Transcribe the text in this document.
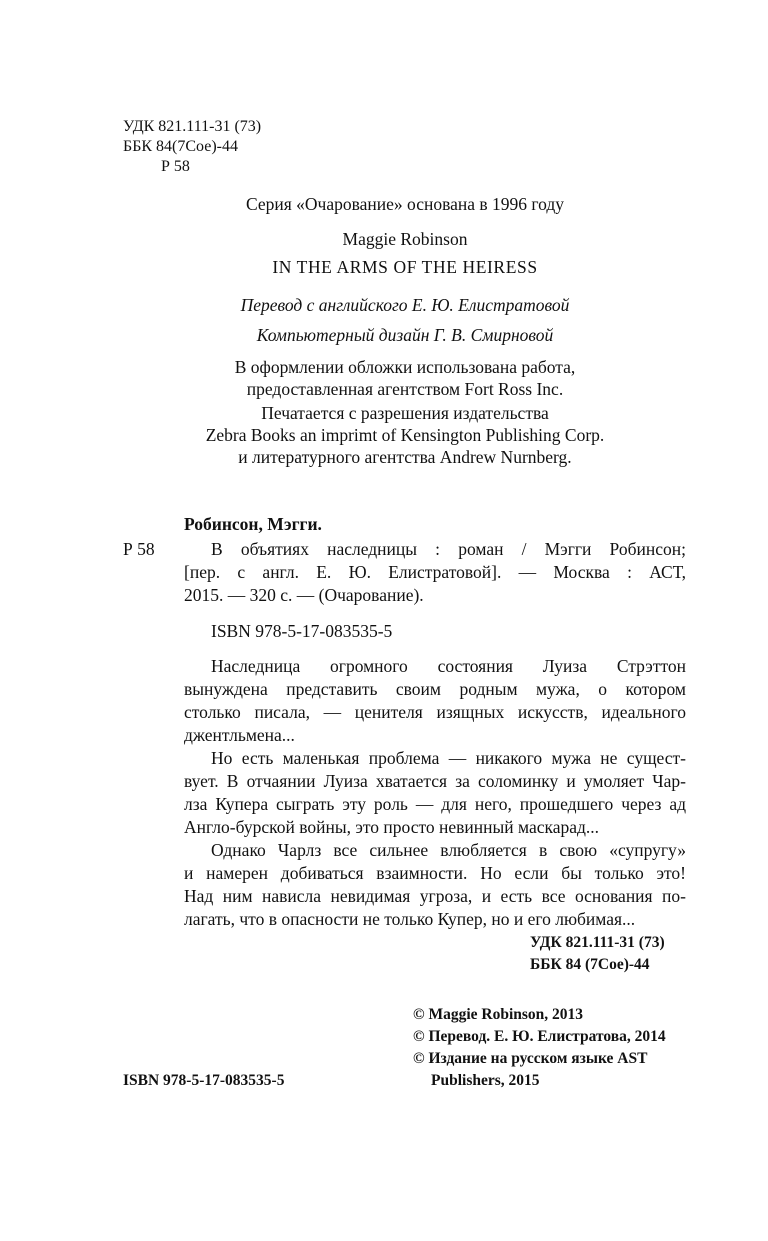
УДК 821.111-31 (73)
ББК 84(7Сое)-44
Р 58
Серия «Очарование» основана в 1996 году
Maggie Robinson
IN THE ARMS OF THE HEIRESS
Перевод с английского Е. Ю. Елистратовой
Компьютерный дизайн Г. В. Смирновой
В оформлении обложки использована работа,
предоставленная агентством Fort Ross Inc.
Печатается с разрешения издательства
Zebra Books an imprimt of Kensington Publishing Corp.
и литературного агентства Andrew Nurnberg.
Робинсон, Мэгги.
Р 58	В объятиях наследницы : роман / Мэгги Робинсон;
[пер. с англ. Е. Ю. Елистратовой]. — Москва : АСТ,
2015. — 320 с. — (Очарование).
ISBN 978-5-17-083535-5
Наследница огромного состояния Луиза Стрэттон
вынуждена представить своим родным мужа, о котором
столько писала, — ценителя изящных искусств, идеального
джентльмена...
Но есть маленькая проблема — никакого мужа не сущест-
вует. В отчаянии Луиза хватается за соломинку и умоляет Чар-
лза Купера сыграть эту роль — для него, прошедшего через ад
Англо-бурской войны, это просто невинный маскарад...
Однако Чарлз все сильнее влюбляется в свою «супругу»
и намерен добиваться взаимности. Но если бы только это!
Над ним нависла невидимая угроза, и есть все основания по-
лагать, что в опасности не только Купер, но и его любимая...
УДК 821.111-31 (73)
ББК 84 (7Сое)-44
© Maggie Robinson, 2013
© Перевод. Е. Ю. Елистратова, 2014
© Издание на русском языке AST
Publishers, 2015
ISBN 978-5-17-083535-5
